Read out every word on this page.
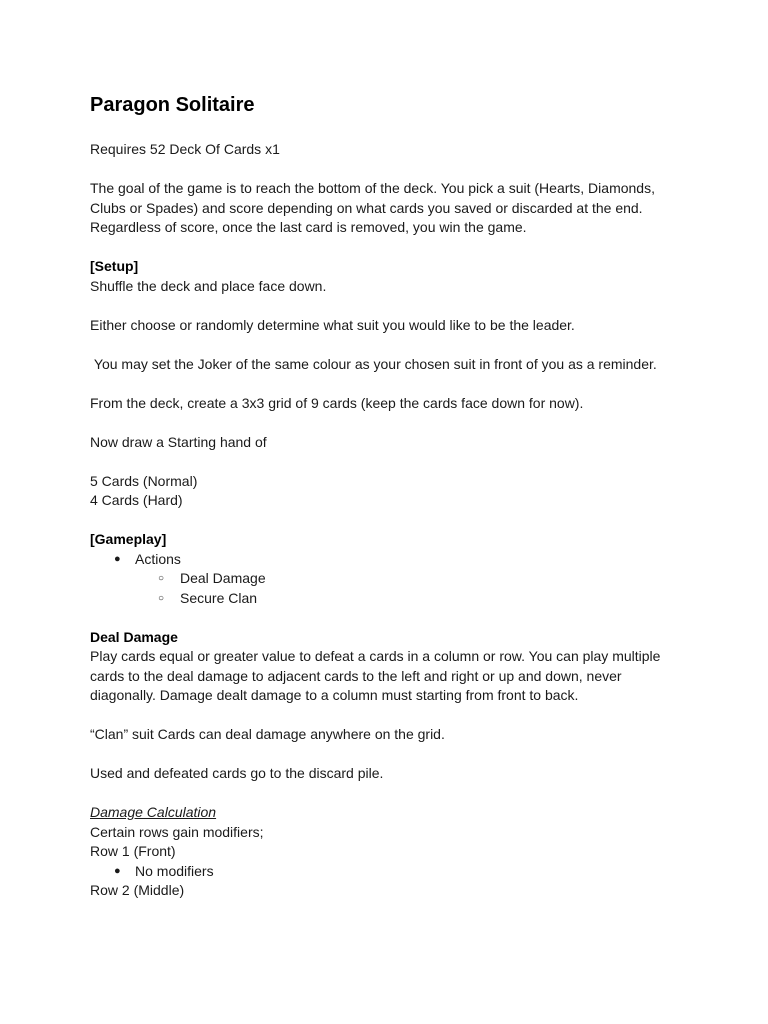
Paragon Solitaire

Requires 52 Deck Of Cards x1

The goal of the game is to reach the bottom of the deck. You pick a suit (Hearts, Diamonds, Clubs or Spades) and score depending on what cards you saved or discarded at the end. Regardless of score, once the last card is removed, you win the game.

[Setup]

Shuffle the deck and place face down.

Either choose or randomly determine what suit you would like to be the leader.

You may set the Joker of the same colour as your chosen suit in front of you as a reminder.

From the deck, create a 3x3 grid of 9 cards (keep the cards face down for now).

Now draw a Starting hand of

5 Cards (Normal)

4 Cards (Hard)

[Gameplay]

● Actions
○ Deal Damage
○ Secure Clan

Deal Damage

Play cards equal or greater value to defeat a cards in a column or row. You can play multiple cards to the deal damage to adjacent cards to the left and right or up and down, never diagonally. Damage dealt damage to a column must starting from front to back.

“Clan” suit Cards can deal damage anywhere on the grid.

Used and defeated cards go to the discard pile.

Damage Calculation

Certain rows gain modifiers;

Row 1 (Front)

● No modifiers

Row 2 (Middle)
